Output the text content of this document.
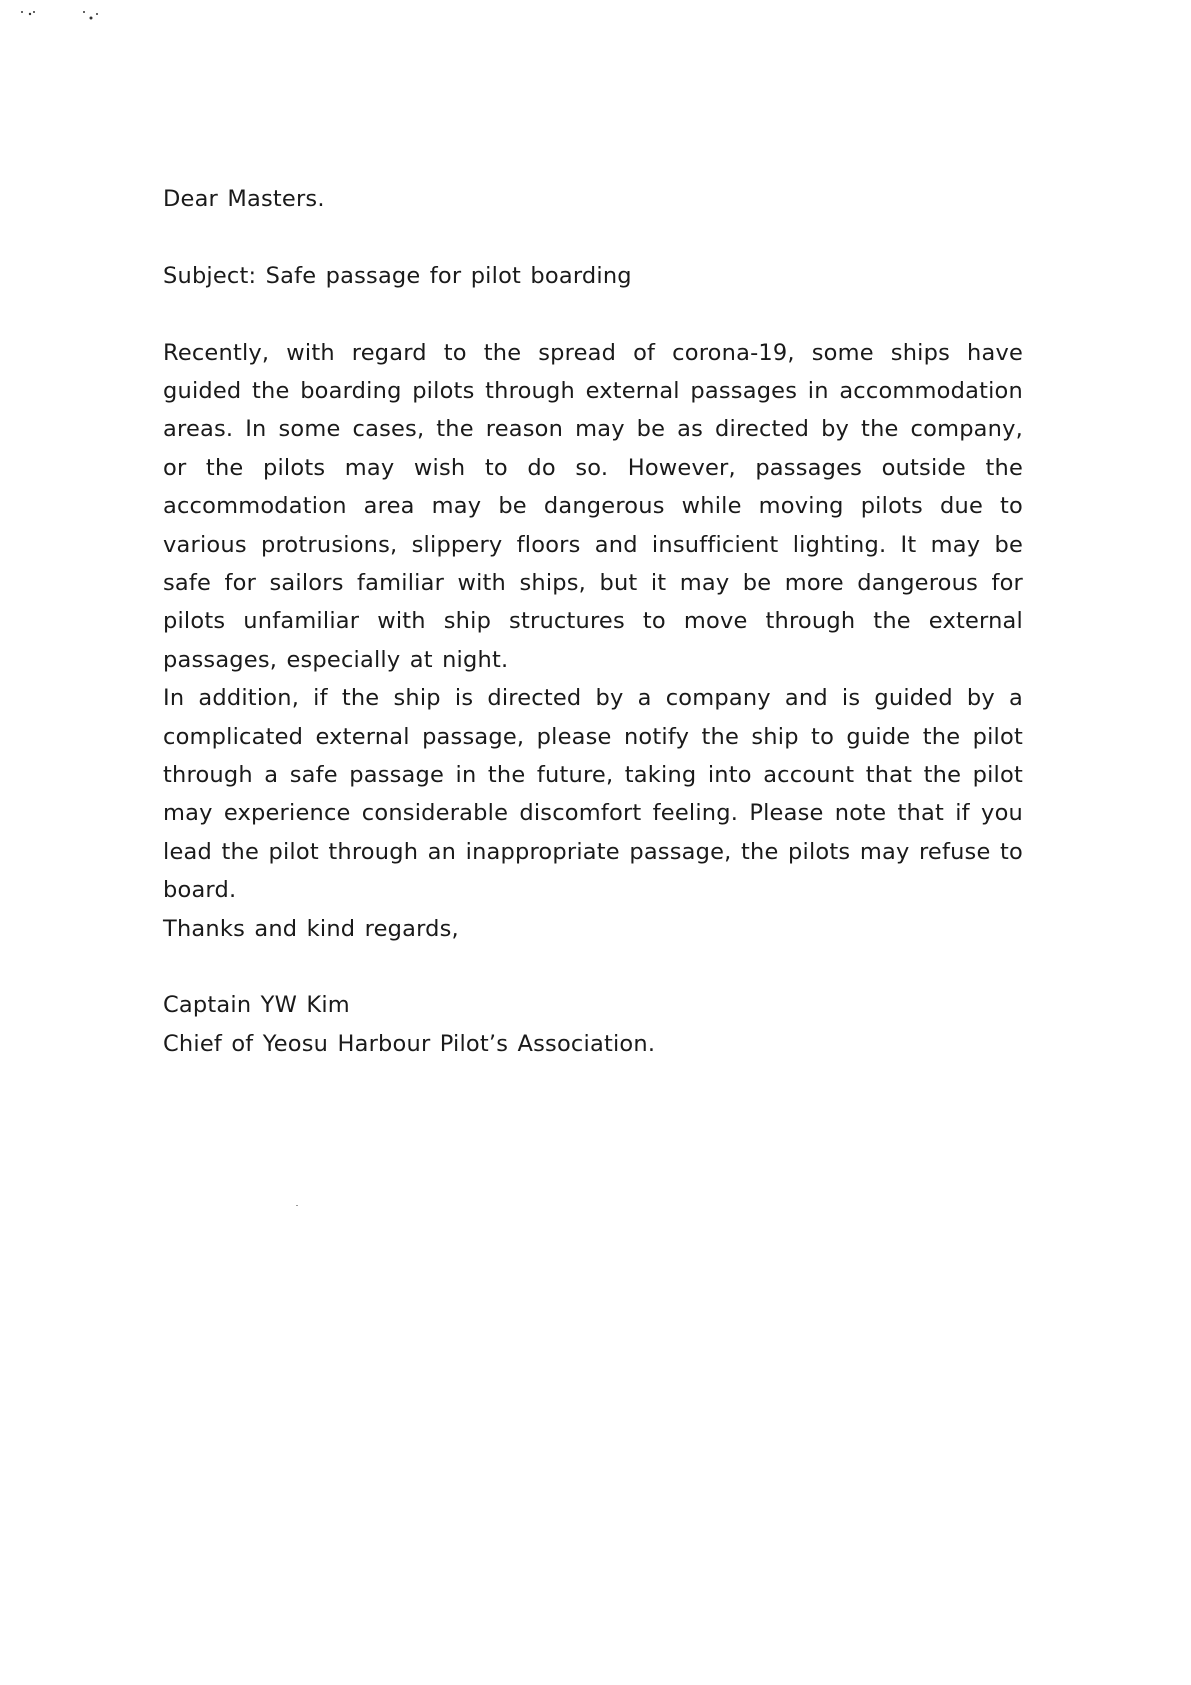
Dear Masters.

Subject: Safe passage for pilot boarding

Recently, with regard to the spread of corona-19, some ships have guided the boarding pilots through external passages in accommodation areas. In some cases, the reason may be as directed by the company, or the pilots may wish to do so. However, passages outside the accommodation area may be dangerous while moving pilots due to various protrusions, slippery floors and insufficient lighting. It may be safe for sailors familiar with ships, but it may be more dangerous for pilots unfamiliar with ship structures to move through the external passages, especially at night.

In addition, if the ship is directed by a company and is guided by a complicated external passage, please notify the ship to guide the pilot through a safe passage in the future, taking into account that the pilot may experience considerable discomfort feeling. Please note that if you lead the pilot through an inappropriate passage, the pilots may refuse to board.

Thanks and kind regards,

Captain YW Kim

Chief of Yeosu Harbour Pilot’s Association.
